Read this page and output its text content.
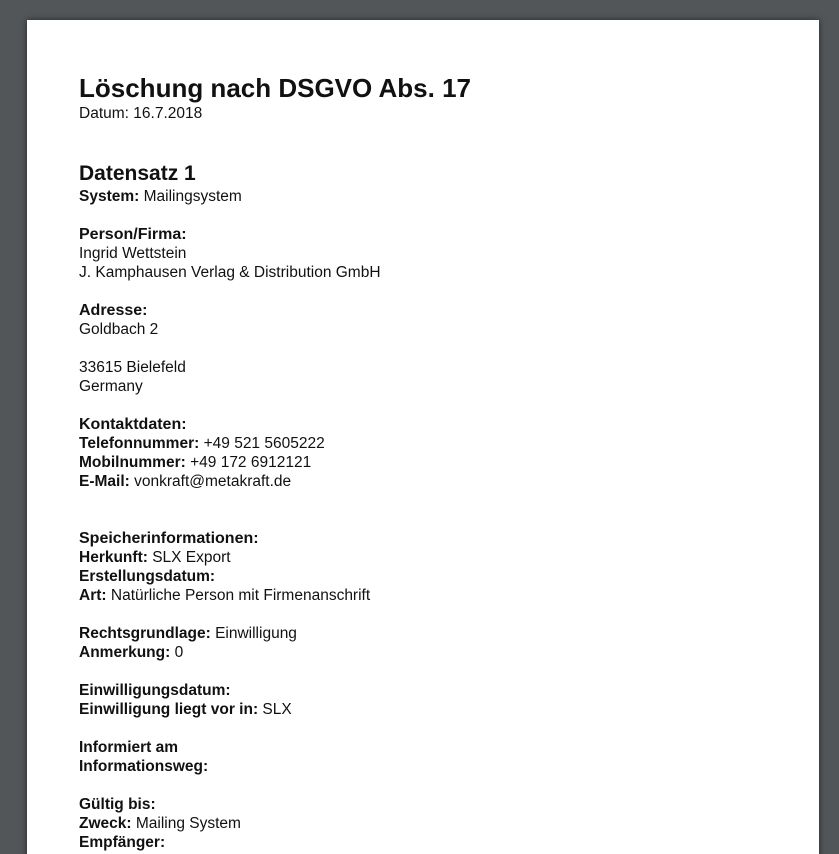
Löschung nach DSGVO Abs. 17

Datum: 16.7.2018

Datensatz 1

System: Mailingsystem

Person/Firma:

Ingrid Wettstein

J. Kamphausen Verlag & Distribution GmbH

Adresse:

Goldbach 2

33615 Bielefeld

Germany

Kontaktdaten:

Telefonnummer: +49 521 5605222

Mobilnummer: +49 172 6912121

E-Mail: vonkraft@metakraft.de

Speicherinformationen:

Herkunft: SLX Export

Erstellungsdatum:

Art: Natürliche Person mit Firmenanschrift

Rechtsgrundlage: Einwilligung

Anmerkung: 0

Einwilligungsdatum:

Einwilligung liegt vor in: SLX

Informiert am

Informationsweg:

Gültig bis:

Zweck: Mailing System

Empfänger:
